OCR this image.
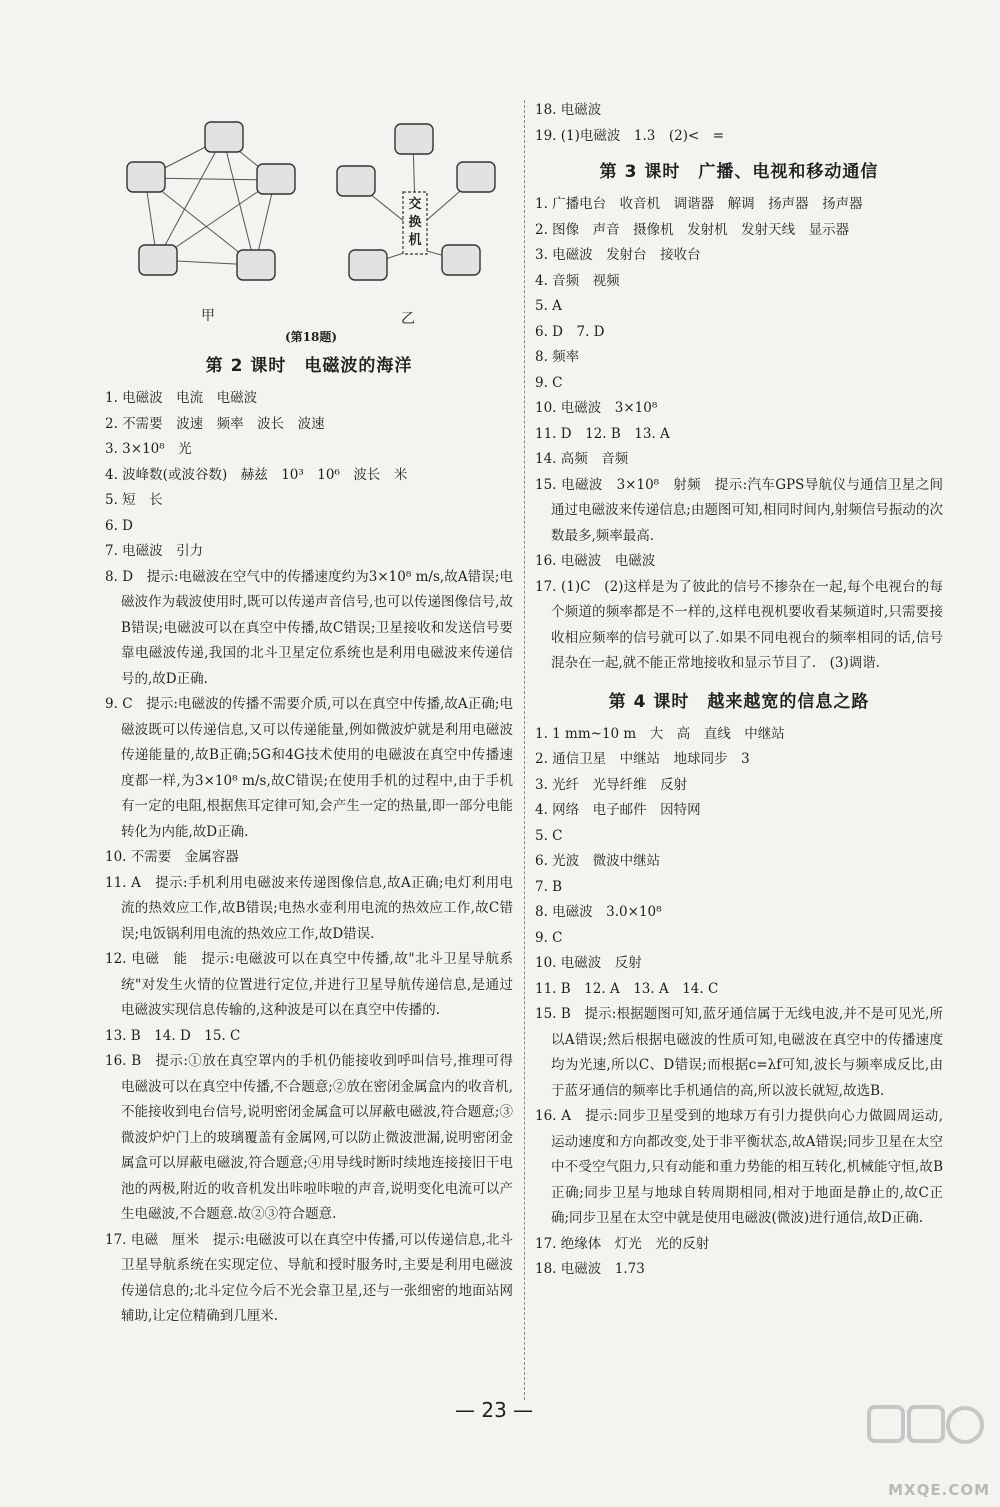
交换机
甲	乙
(第18题)
第 2 课时　电磁波的海洋
1. 电磁波　电流　电磁波
2. 不需要　波速　频率　波长　波速
3. 3×10⁸　光
4. 波峰数(或波谷数)　赫兹　10³　10⁶　波长　米
5. 短　长
6. D
7. 电磁波　引力
8. D　提示:电磁波在空气中的传播速度约为3×10⁸ m/s,故A错误;电磁波作为载波使用时,既可以传递声音信号,也可以传递图像信号,故B错误;电磁波可以在真空中传播,故C错误;卫星接收和发送信号要靠电磁波传递,我国的北斗卫星定位系统也是利用电磁波来传递信号的,故D正确.
9. C　提示:电磁波的传播不需要介质,可以在真空中传播,故A正确;电磁波既可以传递信息,又可以传递能量,例如微波炉就是利用电磁波传递能量的,故B正确;5G和4G技术使用的电磁波在真空中传播速度都一样,为3×10⁸ m/s,故C错误;在使用手机的过程中,由于手机有一定的电阻,根据焦耳定律可知,会产生一定的热量,即一部分电能转化为内能,故D正确.
10. 不需要　金属容器
11. A　提示:手机利用电磁波来传递图像信息,故A正确;电灯利用电流的热效应工作,故B错误;电热水壶利用电流的热效应工作,故C错误;电饭锅利用电流的热效应工作,故D错误.
12. 电磁　能　提示:电磁波可以在真空中传播,故"北斗卫星导航系统"对发生火情的位置进行定位,并进行卫星导航传递信息,是通过电磁波实现信息传输的,这种波是可以在真空中传播的.
13. B　14. D　15. C
16. B　提示:①放在真空罩内的手机仍能接收到呼叫信号,推理可得电磁波可以在真空中传播,不合题意;②放在密闭金属盒内的收音机,不能接收到电台信号,说明密闭金属盒可以屏蔽电磁波,符合题意;③微波炉炉门上的玻璃覆盖有金属网,可以防止微波泄漏,说明密闭金属盒可以屏蔽电磁波,符合题意;④用导线时断时续地连接接旧干电池的两极,附近的收音机发出咔啦咔啦的声音,说明变化电流可以产生电磁波,不合题意.故②③符合题意.
17. 电磁　厘米　提示:电磁波可以在真空中传播,可以传递信息,北斗卫星导航系统在实现定位、导航和授时服务时,主要是利用电磁波传递信息的;北斗定位今后不光会靠卫星,还与一张细密的地面站网辅助,让定位精确到几厘米.
18. 电磁波
19. (1)电磁波　1.3　(2)<　=
第 3 课时　广播、电视和移动通信
1. 广播电台　收音机　调谐器　解调　扬声器　扬声器
2. 图像　声音　摄像机　发射机　发射天线　显示器
3. 电磁波　发射台　接收台
4. 音频　视频
5. A
6. D　7. D
8. 频率
9. C
10. 电磁波　3×10⁸
11. D　12. B　13. A
14. 高频　音频
15. 电磁波　3×10⁸　射频　提示:汽车GPS导航仪与通信卫星之间通过电磁波来传递信息;由题图可知,相同时间内,射频信号振动的次数最多,频率最高.
16. 电磁波　电磁波
17. (1)C　(2)这样是为了彼此的信号不掺杂在一起,每个电视台的每个频道的频率都是不一样的,这样电视机要收看某频道时,只需要接收相应频率的信号就可以了.如果不同电视台的频率相同的话,信号混杂在一起,就不能正常地接收和显示节目了.　(3)调谐.
第 4 课时　越来越宽的信息之路
1. 1 mm~10 m　大　高　直线　中继站
2. 通信卫星　中继站　地球同步　3
3. 光纤　光导纤维　反射
4. 网络　电子邮件　因特网
5. C
6. 光波　微波中继站
7. B
8. 电磁波　3.0×10⁸
9. C
10. 电磁波　反射
11. B　12. A　13. A　14. C
15. B　提示:根据题图可知,蓝牙通信属于无线电波,并不是可见光,所以A错误;然后根据电磁波的性质可知,电磁波在真空中的传播速度均为光速,所以C、D错误;而根据c=λf可知,波长与频率成反比,由于蓝牙通信的频率比手机通信的高,所以波长就短,故选B.
16. A　提示:同步卫星受到的地球万有引力提供向心力做圆周运动,运动速度和方向都改变,处于非平衡状态,故A错误;同步卫星在太空中不受空气阻力,只有动能和重力势能的相互转化,机械能守恒,故B正确;同步卫星与地球自转周期相同,相对于地面是静止的,故C正确;同步卫星在太空中就是使用电磁波(微波)进行通信,故D正确.
17. 绝缘体　灯光　光的反射
18. 电磁波　1.73
— 23 —
MXQE.COM
